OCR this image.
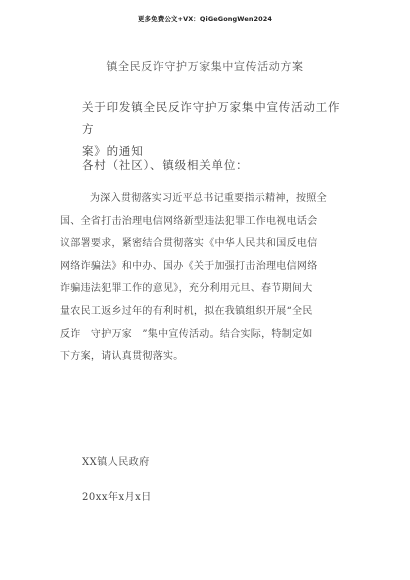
更多免费公文+VX：QiGeGongWen2024
镇全民反诈守护万家集中宣传活动方案
关于印发镇全民反诈守护万家集中宣传活动工作方
案》的通知
各村（社区）、镇级相关单位：
为深入贯彻落实习近平总书记重要指示精神，按照全
国、全省打击治理电信网络新型违法犯罪工作电视电话会
议部署要求，紧密结合贯彻落实《中华人民共和国反电信
网络诈骗法》和中办、国办《关于加强打击治理电信网络
诈骗违法犯罪工作的意见》，充分利用元旦、春节期间大
量农民工返乡过年的有利时机，拟在我镇组织开展“全民
反诈　守护万家　”集中宣传活动。结合实际，特制定如
下方案，请认真贯彻落实。
XX镇人民政府
20xx年x月x日
